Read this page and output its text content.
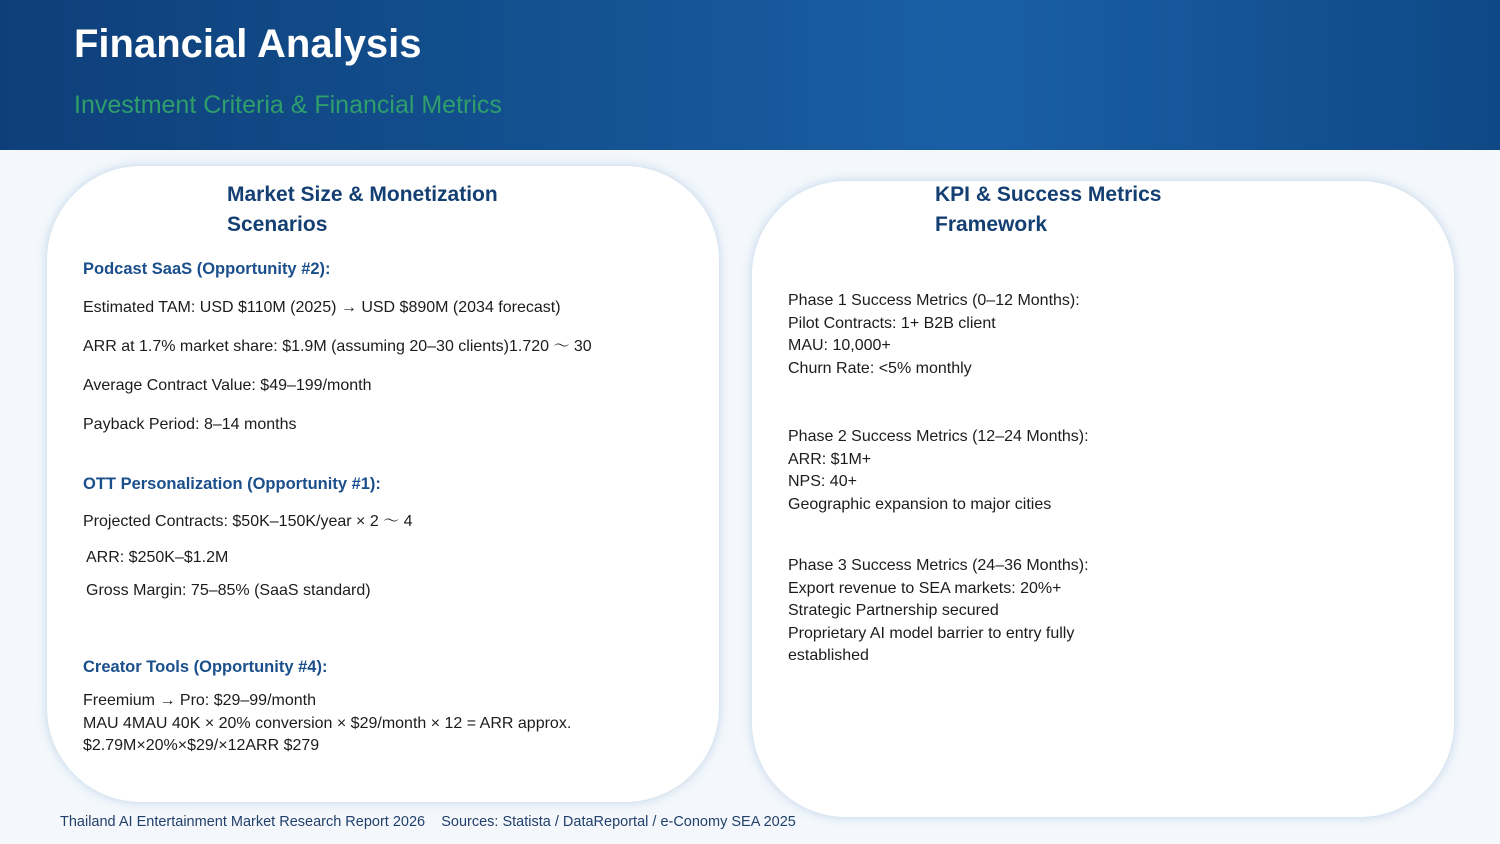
Financial Analysis

Investment Criteria & Financial Metrics

Market Size & Monetization
Scenarios
Podcast SaaS (Opportunity #2):

Estimated TAM: USD $110M (2025) → USD $890M (2034 forecast)

ARR at 1.7% market share: $1.9M (assuming 20–30 clients)1.720 〜 30

Average Contract Value: $49–199/month

Payback Period: 8–14 months

OTT Personalization (Opportunity #1):

Projected Contracts: $50K–150K/year × 2 〜 4

ARR: $250K–$1.2M

Gross Margin: 75–85% (SaaS standard)

Creator Tools (Opportunity #4):
Freemium → Pro: $29–99/month
MAU 4MAU 40K × 20% conversion × $29/month × 12 = ARR approx.
$2.79M×20%×$29/×12ARR $279
KPI & Success Metrics
Framework
Phase 1 Success Metrics (0–12 Months):
Pilot Contracts: 1+ B2B client
MAU: 10,000+
Churn Rate: <5% monthly
Phase 2 Success Metrics (12–24 Months):
ARR: $1M+
NPS: 40+
Geographic expansion to major cities
Phase 3 Success Metrics (24–36 Months):
Export revenue to SEA markets: 20%+
Strategic Partnership secured
Proprietary AI model barrier to entry fully
established

Thailand AI Entertainment Market Research Report 2026    Sources: Statista / DataReportal / e-Conomy SEA 2025
